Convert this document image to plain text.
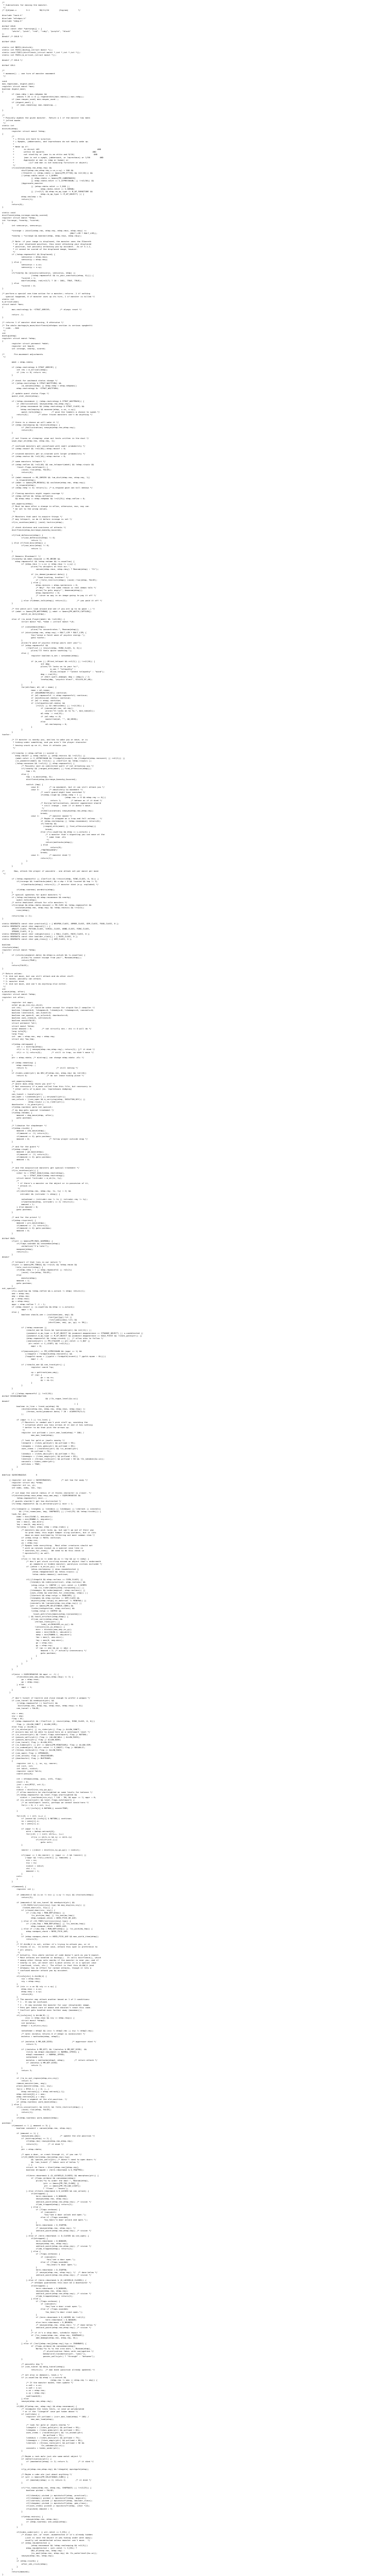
/*
* Subroutines for moving the monster.
*/
/* @(#)mon.c        3.1        90/11/24        (Ingram)        */
#include "hack.h"
#include "mfndpos.h"
#include "edog.h"
#ifdef OVLB
static const char *warnings[] = {
"white", "pink", "red", "ruby", "purple", "black"
};
#endif /* OVLB */
#ifdef OVL0
static int NDECL(disturb);
static int FDECL(dochug,(struct monst *));
static void FDECL(distfleeck,(struct monst *,int *,int *,int *));
static int FDECL(m_arrival,(struct monst *));
#endif /* OVL0 */
#ifdef OVL1
/*
* monmove() -- one turn of monster movement
*/
void
mon_regen(mon, digest_meal)
register struct monst *mon;
boolean digest_meal;
{
if (mon->mhp < mon->mhpmax &&
(moves % 20 == 0 || regenerates(mon->data))) mon->mhp++;
if (mon->mspec_used) mon->mspec_used--;
if (digest_meal) {
if (mon->meating) mon->meating--;
}
}
/*
* Possibly awaken the given monster.  Return a 1 if the monster has been
* jolted awake.
*/
static int
disturb(mtmp)
register struct monst *mtmp;
{
/*
* + Ettins are hard to surprise.
* + Nymphs, jabberwocks, and leprechauns do not easily wake up.
*
* Wake up if:
*        in direct LOS                                                AND
*        within 10 squares                                        AND
*        not stealthy or (mon is an ettin and 9/10)                AND
*        (mon is not a nymph, jabberwock, or leprechaun) or 1/50        AND
*        Aggravate or mon is (dog or human) or
*            (1/7 and mon is not mimicing furniture or object)
*/
if(couldsee(mtmp->mx,mtmp->my) &&
dist2(mtmp->mx,mtmp->my,u.ux,u.uy) < 100 &&
(!Stealth || (mtmp->data == &mons[PM_ETTIN] && rn2(10))) &&
(!(mtmp->data->mlet == S_NYMPH
|| mtmp->data == &mons[PM_JABBERWOCK]
|| mtmp->data->mlet == S_LEPRECHAUN) || !rn2(50)) &&
(Aggravate_monster
|| (mtmp->data->mlet == S_DOG ||
mtmp->data->mlet == S_HUMAN)
|| (!rn2(7) && mtmp->m_ap_type != M_AP_FURNITURE &&
mtmp->m_ap_type != M_AP_OBJECT) )) {
mtmp->msleep = 0;
return(1);
}
return(0);
}
static void
distfleeck(mtmp,inrange,nearby,scared)
register struct monst *mtmp;
int *inrange, *nearby, *scared;
{
int seescaryx, seescaryy;
*inrange = (dist2(mtmp->mx, mtmp->my, mtmp->mux, mtmp->muy) <=
(BOLT_LIM * BOLT_LIM));
*nearby = *inrange && monnear(mtmp, mtmp->mux, mtmp->muy);
/* Note: if your image is displaced, the monster sees the Elbereth
* at your displaced position, thus never attacking your displaced
* position, but possibly attacking you by accident.  As of 3.1.2,
* it cannot be scared of the displaced image, however.
*/
if (!mtmp->mpeaceful && Displaced) {
seescaryx = mtmp->mux;
seescaryy = mtmp->muy;
} else {
seescaryx = u.ux;
seescaryy = u.uy;
}
if(*nearby && (onscary(seescaryx, seescaryy, mtmp) ||
(!mtmp->mpeaceful && in_your_sanctuary(mtmp, 0)))) {
*scared = 1;
monflee(mtmp, rnd(rn2(7) ? 10 : 100), TRUE, TRUE);
} else
*scared = 0;
}
/* perform a special one-time action for a monster; returns -1 if nothing
special happened, 0 if monster uses up its turn, 1 if monster is killed */
static int
m_arrival(mon)
struct monst *mon;
{
mon->mstrategy &= ~STRAT_ARRIVE;        /* always reset */
return -1;
}
/* returns 1 if monster died moving, 0 otherwise */
/* The whole dochugw/m_move/distfleeck/mfndpos section is serious spaghetti
* code. --KAA
*/
int
dochug(mtmp)
register struct monst *mtmp;
{
register struct permonst *mdat;
register int tmp=0;
int inrange, nearby, scared;
/*        Pre-movement adjustments
*/
mdat = mtmp->data;
if (mtmp->mstrategy & STRAT_ARRIVE) {
int res = m_arrival(mtmp);
if (res >= 0) return res;
}
/* check for waitmask status change */
if ((mtmp->mstrategy & STRAT_WAITFORU) &&
(m_canseeu(mtmp) || mtmp->mhp < mtmp->mhpmax))
mtmp->mstrategy &= ~STRAT_WAITFORU;
/* update quest status flags */
quest_stat_check(mtmp);
if (!mtmp->mcanmove || (mtmp->mstrategy & STRAT_WAITMASK)) {
if (Hallucination) newsym(mtmp->mx,mtmp->my);
if (mtmp->mcanmove && (mtmp->mstrategy & STRAT_CLOSE) &&
!mtmp->msleeping && monnear(mtmp, u.ux, u.uy))
quest_talk(mtmp);        /* give the leaders a chance to speak */
return(0);        /* other frozen monsters can't do anything */
}
/* there is a chance we will wake it */
if (mtmp->msleeping && !disturb(mtmp)) {
if (Hallucination) newsym(mtmp->mx,mtmp->my);
return(0);
}
/* not frozen or sleeping: wipe out texts written in the dust */
wipe_engr_at(mtmp->mx, mtmp->my, 1);
/* confused monsters get unconfused with small probability */
if (mtmp->mconf && !rn2(50)) mtmp->mconf = 0;
/* stunned monsters get un-stunned with larger probability */
if (mtmp->mstun && !rn2(10)) mtmp->mstun = 0;
/* some monsters teleport */
if (mtmp->mflee && !rn2(40) && can_teleport(mdat) && !mtmp->iswiz &&
!level.flags.noteleport) {
(void) rloc(mtmp, FALSE);
return(0);
}
if (mdat->msound == MS_SHRIEK && !um_dist(mtmp->mx, mtmp->my, 1))
m_respond(mtmp);
if (mdat == &mons[PM_MEDUSA] && couldsee(mtmp->mx, mtmp->my))
m_respond(mtmp);
if (mtmp->mhp <= 0) return(1); /* m_respond gaze can kill medusa */
/* fleeing monsters might regain courage */
if (mtmp->mflee && !mtmp->mfleetim
&& mtmp->mhp == mtmp->mhpmax && !rn2(25)) mtmp->mflee = 0;
set_apparxy(mtmp);
/* Must be done after a change in mflee, otherwise, mux, muy can
* be set to the wrong values.
*/
/* Monsters that want to acquire things */
/* may teleport, so do it before inrange is set */
if(is_covetous(mdat)) (void) tactics(mtmp);
/* check distance and scariness of attacks */
distfleeck(mtmp,&inrange,&nearby,&scared);
if(find_defensive(mtmp)) {
if(use_defensive(mtmp) != 0)
return 1;
} else if(find_misc(mtmp)) {
if(use_misc(mtmp) != 0)
return 1;
}
/* Demonic Blackmail! */
if(nearby && mdat->msound == MS_BRIBE &&
mtmp->mpeaceful && !mtmp->mtame && !u.uswallow) {
if (mtmp->mux != u.ux || mtmp->muy != u.uy) {
pline("%s whispers at thin air.",
cansee(mtmp->mux, mtmp->muy) ? Monnam(mtmp) : "It");
if (is_demon(youmonst.data)) {
/* "Good hunting, brother" */
if (!tele_restrict(mtmp)) (void) rloc(mtmp, FALSE);
} else {
mtmp->minvis = mtmp->perminvis = 0;
/* Why?  For the same reason in real demon talk */
pline("%s gets angry!", Amonnam(mtmp));
mtmp->mpeaceful = 0;
/* since no way is an image going to pay it off */
}
} else if(demon_talk(mtmp)) return(1);        /* you paid it off */
}
/* the watch will look around and see if you are up to no good :-) */
if (mdat == &mons[PM_WATCHMAN] || mdat == &mons[PM_WATCH_CAPTAIN])
watch_on_duty(mtmp);
else if (is_mind_flayer(mdat) && !rn2(20)) {
struct monst *m2, *nmon = (struct monst *)0;
if (canseemon(mtmp))
pline("%s concentrates.", Monnam(mtmp));
if (distu(mtmp->mx, mtmp->my) > BOLT_LIM * BOLT_LIM) {
You("sense a faint wave of psychic energy.");
goto toofar;
}
pline("A wave of psychic energy pours over you!");
if (mtmp->mpeaceful &&
(!Conflict || resist(mtmp, RING_CLASS, 0, 0)))
pline("It feels quite soothing.");
else {
register boolean m_sen = sensemon(mtmp);
if (m_sen || (Blind_telepat && rn2(2)) || !rn2(10)) {
int dmg;
pline("It locks on to your %s!",
m_sen ? "telepathy" :
Blind_telepat ? "latent telepathy" : "mind");
dmg = rnd(15);
if (Half_spell_damage) dmg = (dmg+1) / 2;
losehp(dmg, "psychic blast", KILLED_BY_AN);
}
}
for(m2=fmon; m2; m2 = nmon) {
nmon = m2->nmon;
if (DEADMONSTER(m2)) continue;
if (m2->mpeaceful == mtmp->mpeaceful) continue;
if (mindless(m2->data)) continue;
if (m2 == mtmp) continue;
if ((telepathic(m2->data) &&
(rn2(2) || m2->mblinded)) || !rn2(10)) {
if (cansee(m2->mx, m2->my))
pline("It locks on to %s.", mon_nam(m2));
m2->mhp -= rnd(15);
if (m2->mhp <= 0)
monkilled(m2, "", AD_DRIN);
else
m2->msleeping = 0;
}
}
}
toofar:
/* If monster is nearby you, and has to wake you or move, or is
* hiding under something, and you aren't the player character
* having snuck up on it, then it attacks you.
*/
if(!nearby || mtmp->mflee || scared ||
mtmp->mconf || mtmp->mstun || (mtmp->minvis && !rn2(3)) ||
(mdat->mlet == S_LEPRECHAUN && !findgold(invent) && (findgold(mtmp->minvent) || rn2(2))) ||
(is_wanderer(mdat) && !rn2(4)) || (Conflict && !mtmp->iswiz) ||
(!mtmp->mcansee && !rn2(4)) || mtmp->mpeaceful) {
/* Possibly cast an undirected spell if not attacking you */
if(!nearby && (ranged_attk(mdat) || find_offensive(mtmp)))
tmp = 0;
else {
tmp = m_move(mtmp, 0);
distfleeck(mtmp,&inrange,&nearby,&scared);
switch (tmp) {
case 0:        /* no movement, but it can still attack you */
case 3:        /* absolutely no movement */
/* vault guard might have vanished */
if(mtmp->isgd && (mtmp->mhp < 1 ||
(mtmp->mx == 0 && mtmp->my == 0)))
return 1;        /* behave as if it died */
/* During hallucination, monster appearance should
* still change - even if it doesn't move.
*/
if(Hallucination) newsym(mtmp->mx,mtmp->my);
break;
case 1:        /* monster moved */
/* Maybe it stepped on a trap and fell asleep... */
if (mtmp->msleeping || !mtmp->mcanmove) return(0);
if(!nearby &&
(ranged_attk(mdat) || find_offensive(mtmp)))
break;
else if(u.uswallow && mtmp == u.ustuck) {
/* a monster that's digesting you can move at the
* same time -dlc
*/
return(mattacku(mtmp));
} else
return(0);
/*NOTREACHED*/
break;
case 2:        /* monster died */
return(1);
}
}
}
/*        Now, attack the player if possible - one attack set per monst per move
*/
if (!mtmp->mpeaceful || (Conflict && !resist(mtmp, RING_CLASS, 0, 0))) {
if(inrange && !noattacks(mdat) && u.uhp > 0 && !scared && tmp != 3)
if(mattacku(mtmp)) return(1); /* monster died (e.g. exploded) */
if(mtmp->wormno) wormhitu(mtmp);
}
/* special speeches for quest monsters */
if (!mtmp->msleeping && mtmp->mcanmove && nearby)
quest_talk(mtmp);
/* extra emotional attack for vile monsters */
if(inrange && mtmp->data->msound == MS_CUSS && !mtmp->mpeaceful &&
couldsee(mtmp->mx, mtmp->my) && !mtmp->minvis && !rn2(5))
cuss(mtmp);
return(tmp == 2);
}
static NEARDATA const char practical[] = { WEAPON_CLASS, ARMOR_CLASS, GEM_CLASS, FOOD_CLASS, 0 };
static NEARDATA const char magical[] = {
AMULET_CLASS, POTION_CLASS, SCROLL_CLASS, WAND_CLASS, RING_CLASS,
SPBOOK_CLASS, 0 };
static NEARDATA const char indigestion[] = { BALL_CLASS, ROCK_CLASS, 0 };
static NEARDATA const char boulder_class[] = { ROCK_CLASS, 0 };
static NEARDATA const char gem_class[] = { GEM_CLASS, 0 };
boolean
itsstuck(mtmp)
register struct monst *mtmp;
{
if (sticks(youmonst.data) && mtmp==u.ustuck && !u.uswallow) {
pline("%s cannot escape from you!", Monnam(mtmp));
return(TRUE);
}
return(FALSE);
}
/* Return values:
* 0: did not move, but can still attack and do other stuff.
* 1: moved, possibly can attack.
* 2: monster died.
* 3: did not move, and can't do anything else either.
*/
int
m_move(mtmp, after)
register struct monst *mtmp;
register int after;
{
register int appr;
xchar gx,gy,nix,niy,chcnt;
int chi;        /* could be schar except for stupid Sun-2 compiler */
boolean likegold=0, likegems=0, likeobjs=0, likemagic=0, conceals=0;
boolean likerock=0, can_tunnel=0;
boolean can_open=0, can_unlock=0, doorbuster=0;
boolean uses_items=0, setlikes=0;
boolean avoid=FALSE;
struct permonst *ptr;
struct monst *mtoo;
schar mmoved = 0;        /* not strictly nec.: chi >= 0 will do */
long info[9];
long flag;
int  omx = mtmp->mx, omy = mtmp->my;
struct obj *mw_tmp;
if(mtmp->mtrapped) {
int i = mintrap(mtmp);
if(i >= 2) { newsym(mtmp->mx,mtmp->my); return(2); }/* it died */
if(i == 1) return(0);        /* still in trap, so didn't move */
}
ptr = mtmp->data; /* mintrap() can change mtmp->data -dlc */
if (mtmp->meating) {
mtmp->meating--;
return 3;                        /* still eating */
}
if (hides_under(ptr) && OBJ_AT(mtmp->mx, mtmp->my) && rn2(10))
return 0;                /* do not leave hiding place */
set_apparxy(mtmp);
/* where does mtmp think you are? */
/* Not necessary if m_move called from this file, but necessary in
* other calls of m_move (ex. leprechauns dodging)
*/
can_tunnel = tunnels(ptr);
can_open = !(nohands(ptr) || verysmall(ptr));
can_unlock = ((can_open && m_carrying(mtmp, SKELETON_KEY)) ||
mtmp->iswiz || is_rider(ptr));
doorbuster = is_giant(ptr);
if(mtmp->wormno) goto not_special;
/* my dog gets special treatment */
if(mtmp->mtame) {
mmoved = dog_move(mtmp, after);
goto postmov;
}
/* likewise for shopkeeper */
if(mtmp->isshk) {
mmoved = shk_move(mtmp);
if(mmoved == -2) return(2);
if(mmoved >= 0) goto postmov;
mmoved = 0;                /* follow player outside shop */
}
/* and for the guard */
if(mtmp->isgd) {
mmoved = gd_move(mtmp);
if(mmoved == -2) return(2);
if(mmoved >= 0) goto postmov;
mmoved = 0;
}
/* and the acquisitive monsters get special treatment */
if(is_covetous(ptr)) {
xchar tx = STRAT_GOALX(mtmp->mstrategy),
ty = STRAT_GOALY(mtmp->mstrategy);
struct monst *intruder = m_at(tx, ty);
/*
* if there's a monster on the object or in possesion of it,
* attack it.
*/
if((dist2(mtmp->mx, mtmp->my, tx, ty) < 2) &&
intruder && (intruder != mtmp)) {
notonhead = (intruder->mx != tx || intruder->my != ty);
if(mattackm(mtmp, intruder) == 2) return(2);
mmoved = 1;
} else mmoved = 0;
goto postmov;
}
/* and for the priest */
if(mtmp->ispriest) {
mmoved = pri_move(mtmp);
if(mmoved == -2) return(2);
if(mmoved >= 0) goto postmov;
mmoved = 0;
}
#ifdef MAIL
if(ptr == &mons[PM_MAIL_DAEMON]) {
if(flags.soundok && canseemon(mtmp))
verbalize("I'm late!");
mongone(mtmp);
return(2);
}
#endif
/* teleport if that lies in our nature */
if(ptr == &mons[PM_TENGU] && !rn2(5) && !mtmp->mcan &&
!tele_restrict(mtmp)) {
if(mtmp->mhp < 7 || mtmp->mpeaceful || rn2(2))
(void) rloc(mtmp, FALSE);
else
mnexto(mtmp);
mmoved = 1;
goto postmov;
}
not_special:
if(u.uswallow && !mtmp->mflee && u.ustuck != mtmp) return(1);
omx = mtmp->mx;
omy = mtmp->my;
gx = mtmp->mux;
gy = mtmp->muy;
appr = mtmp->mflee ? -1 : 1;
if (mtmp->mconf || (u.uswallow && mtmp == u.ustuck))
appr = 0;
else {
boolean should_see = (couldsee(omx, omy) &&
(levl[gx][gy].lit ||
!levl[omx][omy].lit) &&
(dist2(omx, omy, gx, gy) <= 36));
if (!mtmp->mcansee ||
(should_see && Invis && !perceives(ptr) && rn2(11)) ||
(youmonst.m_ap_type == M_AP_OBJECT && youmonst.mappearance == STRANGE_OBJECT) || u.uundetected ||
(youmonst.m_ap_type == M_AP_OBJECT && youmonst.mappearance == GOLD_PIECE && !likes_gold(ptr)) ||
(mtmp->mpeaceful && !mtmp->isshk) ||  /* allow shks to follow */
((monsndx(ptr) == PM_STALKER || ptr->mlet == S_BAT ||
ptr->mlet == S_LIGHT) && !rn2(3)))
appr = 0;
if(monsndx(ptr) == PM_LEPRECHAUN && (appr == 1) &&
((lepgold = findgold(mtmp->minvent)) &&
(lepgold->quan > ((ygold = findgold(invent)) ? ygold->quan : 0L))))
appr = -1;
if (!should_see && can_track(ptr)) {
register coord *cp;
cp = gettrack(omx,omy);
if (cp) {
gx = cp->x;
gy = cp->y;
}
}
}
if ((!mtmp->mpeaceful || !rn2(10))
#ifdef REINCARNATION
&& (!Is_rogue_level(&u.uz))
#endif
) {
boolean in_line = lined_up(mtmp) &&
(distmin(mtmp->mx, mtmp->my, mtmp->mux, mtmp->muy) <=
(throws_rocks(youmonst.data) ? 20 : ACURRSTR/2+1)
);
if (appr != 1 || !in_line) {
/* Monsters in combat won't pick stuff up, avoiding the
* situation where you toss arrows at it and it has nothing
* better to do than pick the arrows up.
*/
register int pctload = (curr_mon_load(mtmp) * 100) /
max_mon_load(mtmp);
/* look for gold or jewels nearby */
likegold = (likes_gold(ptr) && pctload < 95);
likegems = (likes_gems(ptr) && pctload < 85);
uses_items = (!mindless(ptr) && !is_animal(ptr)
&& pctload < 75);
likeobjs = (likes_objs(ptr) && pctload < 75);
likemagic = (likes_magic(ptr) && pctload < 85);
likerock = (throws_rocks(ptr) && pctload < 50 && !In_sokoban(&u.uz));
conceals = hides_under(ptr);
setlikes = TRUE;
}
}
#define SQSRCHRADIUS        5
{ register int minr = SQSRCHRADIUS;        /* not too far away */
register struct obj *otmp;
register int xx, yy;
int oomx, oomy, lmx, lmy;
/* cut down the search radius if it thinks character is closer. */
if(distmin(mtmp->mux,mtmp->muy,omx,omy) < SQSRCHRADIUS &&
!mtmp->mpeaceful) minr--;
/* guards shouldn't get too distracted */
if(!mtmp->mpeaceful && is_mercenary(ptr)) minr = 1;
if((likegold || likegems || likeobjs || likemagic || likerock || conceals)
&& (!*in_rooms(omx, omy, SHOPBASE) || (!rn2(25) && !mtmp->isshk))) {
look_for_obj:
oomx = min(COLNO-1, omx+minr);
oomy = min(ROWNO-1, omy+minr);
lmx = max(1, omx-minr);
lmy = max(0, omy-minr);
for(otmp = fobj; otmp; otmp = otmp->nobj) {
/* monsters may pick rocks up, but won't go out of their way
to grab them; this might hamper sling wielders, but it cuts
down on move overhead by filtering out most common item */
if (otmp->otyp == ROCK) continue;
xx = otmp->ox;
yy = otmp->oy;
/* Nymphs take everything.  Most other creatures should not
* pick up corpses except as a special case like in
* searches_for_item().  We need to do this check in
* mpickstuff() as well.
*/
if(xx >= lmx && xx <= oomx && yy >= lmy && yy <= oomy) {
/* don't get stuck circling around an object that's underneath
an immobile or hidden monster; paralysis victims excluded */
if ((mtoo = m_at(xx,yy)) != 0 &&
(mtoo->msleeping || mtoo->mundetected ||
(mtoo->mappearance && !mtoo->iswiz) ||
!mtoo->data->mmove)) continue;
if(((likegold && otmp->oclass == COIN_CLASS) ||
(likeobjs && index(practical, otmp->oclass) &&
(otmp->otyp != CORPSE || (ptr->mlet == S_NYMPH
&& !is_rider(&mons[otmp->corpsenm])))) ||
(likemagic && index(magical, otmp->oclass)) ||
(uses_items && searches_for_item(mtmp, otmp)) ||
(likerock && otmp->otyp == BOULDER) ||
(likegems && otmp->oclass == GEM_CLASS &&
objects[otmp->otyp].oc_material != MINERAL) ||
(conceals && !cansee(otmp->ox,otmp->oy)) ||
(ptr == &mons[PM_GELATINOUS_CUBE] &&
!index(indigestion, otmp->oclass) &&
!(otmp->otyp == CORPSE &&
touch_petrifies(&mons[otmp->corpsenm])))
) && touch_artifact(otmp,mtmp)) {
if(can_carry(mtmp,otmp) &&
(throws_rocks(ptr) ||
!sobj_at(BOULDER,xx,yy)) &&
!(onscary(xx,yy,mtmp))) {
minr = distmin(omx,omy,xx,yy);
oomx = min(COLNO-1, omx+minr);
oomy = min(ROWNO-1, omy+minr);
lmx = max(1, omx-minr);
lmy = max(0, omy-minr);
gx = otmp->ox;
gy = otmp->oy;
if (gx == omx && gy == omy) {
mmoved = 3; /* actually unnecessary */
goto postmov;
}
}
}
}
}
}
if(minr < SQSRCHRADIUS && appr == -1) {
if(distmin(omx,omy,mtmp->mux,mtmp->muy) <= 3) {
gx = mtmp->mux;
gy = mtmp->muy;
} else
appr = 1;
}
}
/* don't tunnel if hostile and close enough to prefer a weapon */
if (can_tunnel && needspick(ptr) &&
((!mtmp->mpeaceful || Conflict) &&
dist2(mtmp->mx, mtmp->my, mtmp->mux, mtmp->muy) <= 8))
can_tunnel = FALSE;
nix = omx;
niy = omy;
flag = 0L;
if (mtmp->mpeaceful && (!Conflict || resist(mtmp, RING_CLASS, 0, 0)))
flag |= (ALLOW_SANCT | ALLOW_SSM);
else flag |= ALLOW_U;
if (is_minion(ptr) || is_rider(ptr)) flag |= ALLOW_SANCT;
/* unicorn may not be able to avoid hero on a noteleport level */
if (is_unicorn(ptr) && !level.flags.noteleport) flag |= NOTONL;
if (passes_walls(ptr)) flag |= (ALLOW_WALL | ALLOW_ROCK);
if (passes_bars(ptr)) flag |= ALLOW_BARS;
if (can_tunnel) flag |= ALLOW_DIG;
if (is_human(ptr) || ptr == &mons[PM_MINOTAUR]) flag |= ALLOW_SSM;
if (is_undead(ptr) && ptr->mlet != S_GHOST) flag |= NOGARLIC;
if (throws_rocks(ptr)) flag |= ALLOW_ROCK;
if (can_open) flag |= OPENDOOR;
if (can_unlock) flag |= UNLOCKDOOR;
if (doorbuster) flag |= BUSTDOOR;
{
register int i, j, nx, ny, nearer;
int jcnt, cnt;
int ndist, nidist;
register coord *mtrk;
coord poss[9];
cnt = mfndpos(mtmp, poss, info, flag);
chcnt = 0;
jcnt = min(MTSZ, cnt-1);
chi = -1;
nidist = dist2(nix,niy,gx,gy);
/* allow monsters be shortsighted on some levels for balance */
if(!mtmp->mpeaceful && level.flags.shortsighted &&
nidist > (couldsee(nix,niy) ? 144 : 36) && appr == 1) appr = 0;
if (is_unicorn(ptr) && level.flags.noteleport) {
/* on noteleport levels, perhaps we cannot avoid hero */
for(i = 0; i < cnt; i++)
if(!(info[i] & NOTONL)) avoid=TRUE;
}
for(i=0; i < cnt; i++) {
if (avoid && (info[i] & NOTONL)) continue;
nx = poss[i].x;
ny = poss[i].y;
if (appr != 0) {
mtrk = &mtmp->mtrack[0];
for(j=0; j < jcnt; mtrk++, j++)
if(nx == mtrk->x && ny == mtrk->y)
if(rn2(4*(cnt-j)))
goto nxti;
}
nearer = ((ndist = dist2(nx,ny,gx,gy)) < nidist);
if((appr == 1 && nearer) || (appr == -1 && !nearer) ||
(!appr && !rn2(++chcnt)) || !mmoved) {
nix = nx;
niy = ny;
nidist = ndist;
chi = i;
mmoved = 1;
}
nxti:        ;
}
}
if(mmoved) {
register int j;
if (mmoved==1 && (u.ux != nix || u.uy != niy) && itsstuck(mtmp))
return(3);
if (mmoved==1 && can_tunnel && needspick(ptr) &&
((IS_ROCK(levl[nix][niy].typ) && may_dig(nix,niy)) ||
closed_door(nix, niy))) {
if (closed_door(nix, niy)) {
if (!(mw_tmp = MON_WEP(mtmp)) ||
!is_pick(mw_tmp) || !is_axe(mw_tmp))
mtmp->weapon_check = NEED_PICK_OR_AXE;
} else if (IS_TREE(levl[nix][niy].typ)) {
if (!(mw_tmp = MON_WEP(mtmp)) || !is_axe(mw_tmp))
mtmp->weapon_check = NEED_AXE;
} else if (!(mw_tmp = MON_WEP(mtmp)) || !is_pick(mw_tmp)) {
mtmp->weapon_check = NEED_PICK_AXE;
}
if (mtmp->weapon_check >= NEED_PICK_AXE && mon_wield_item(mtmp))
return(3);
}
/* If ALLOW_U is set, either it's trying to attack you, or it
* thinks it is.  In either case, attack this spot in preference to
* all others.
*/
/* Actually, this whole section of code doesn't work as you'd expect.
* Most attacks are handled in dochug().  It calls distfleeck(), which
* among other things sets nearby if the monster is near you--and if
* nearby is set, we never call m_move unless it is a special case
* (confused, stuck, etc.)  The effect is that this ALLOW_U (and
* mfndpos) has no effect for normal attacks, though it lets a
* confused monster attack you by accident.
*/
if(info[chi] & ALLOW_U) {
nix = mtmp->mux;
niy = mtmp->muy;
}
if (nix == u.ux && niy == u.uy) {
mtmp->mux = u.ux;
mtmp->muy = u.uy;
return(0);
}
/* The monster may attack another based on 1 of 2 conditions:
* 1 - It may be confused.
* 2 - It may mistake the monster for your (displaced) image.
* Pets get taken care of above and shouldn't reach this code.
* Conflict gets handled even farther away (movemon()).
*/
if((info[chi] & ALLOW_M) ||
(nix == mtmp->mux && niy == mtmp->muy)) {
struct monst *mtmp2;
int mstatus;
mtmp2 = m_at(nix,niy);
notonhead = mtmp2 && (nix != mtmp2->mx || niy != mtmp2->my);
/* note: mstatus returns 0 if mtmp2 is nonexistent */
mstatus = mattackm(mtmp, mtmp2);
if (mstatus & MM_AGR_DIED)                /* aggressor died */
return 2;
if ((mstatus & MM_HIT) && !(mstatus & MM_DEF_DIED)  &&
rn2(4) && mtmp2->movement >= NORMAL_SPEED) {
mtmp2->movement -= NORMAL_SPEED;
notonhead = 0;
mstatus = mattackm(mtmp2, mtmp);        /* return attack */
if (mstatus & MM_DEF_DIED)
return 2;
}
return 3;
}
if (!m_in_out_region(mtmp,nix,niy))
return 3;
remove_monster(omx, omy);
place_monster(mtmp, nix, niy);
for(j = MTSZ-1; j > 0; j--)
mtmp->mtrack[j] = mtmp->mtrack[j-1];
mtmp->mtrack[0].x = omx;
mtmp->mtrack[0].y = omy;
/* Place a segment at the old position. */
if (mtmp->wormno) worm_move(mtmp);
} else {
if(is_unicorn(ptr) && rn2(2) && !tele_restrict(mtmp)) {
(void) rloc(mtmp, FALSE);
return(1);
}
if(mtmp->wormno) worm_nomove(mtmp);
}
postmov:
if(mmoved == 1 || mmoved == 3) {
boolean canseeit = cansee(mtmp->mx, mtmp->my);
if (mmoved == 1) {
newsym(omx,omy);                /* update the old position */
if (mintrap(mtmp) >= 2) {
if(mtmp->mx) newsym(mtmp->mx,mtmp->my);
return(2);        /* it died */
}
ptr = mtmp->data;
/* open a door, or crash through it, if you can */
if(IS_DOOR(levl[mtmp->mx][mtmp->my].typ)
&& !passes_walls(ptr) /* doesn't need to open doors */
&& !can_tunnel /* taken care of below */
) {
struct rm *here = &levl[mtmp->mx][mtmp->my];
boolean btrapped = (here->doormask & D_TRAPPED);
if(here->doormask & (D_LOCKED|D_CLOSED) && amorphous(ptr)) {
if (flags.verbose && canseemon(mtmp))
pline("%s %s under the door.", Monnam(mtmp),
(ptr == &mons[PM_FOG_CLOUD] ||
ptr == &mons[PM_YELLOW_LIGHT])
? "flows" : "oozes");
} else if(here->doormask & D_LOCKED && can_unlock) {
if(btrapped) {
here->doormask = D_NODOOR;
newsym(mtmp->mx, mtmp->my);
unblock_point(mtmp->mx,mtmp->my); /* vision */
if(mb_trapped(mtmp)) return(2);
} else {
if (flags.verbose) {
if (canseeit)
You("see a door unlock and open.");
else if (flags.soundok)
You_hear("a door unlock and open.");
}
here->doormask = D_ISOPEN;
/* newsym(mtmp->mx, mtmp->my); */
unblock_point(mtmp->mx,mtmp->my); /* vision */
}
} else if (here->doormask == D_CLOSED && can_open) {
if(btrapped) {
here->doormask = D_NODOOR;
newsym(mtmp->mx, mtmp->my);
unblock_point(mtmp->mx,mtmp->my); /* vision */
if(mb_trapped(mtmp)) return(2);
} else {
if (flags.verbose) {
if (canseeit)
You("see a door open.");
else if (flags.soundok)
You_hear("a door open.");
}
here->doormask = D_ISOPEN;
/* newsym(mtmp->mx, mtmp->my); */  /* done below */
unblock_point(mtmp->mx,mtmp->my); /* vision */
}
} else if (here->doormask & (D_LOCKED|D_CLOSED)) {
/* mfndpos guarantees this must be a doorbuster */
if(btrapped) {
here->doormask = D_NODOOR;
newsym(mtmp->mx, mtmp->my);
unblock_point(mtmp->mx,mtmp->my); /* vision */
if(mb_trapped(mtmp)) return(2);
} else {
if (flags.verbose) {
if (canseeit)
You("see a door crash open.");
else if (flags.soundok)
You_hear("a door crash open.");
}
if (here->doormask & D_LOCKED && !rn2(2))
here->doormask = D_NODOOR;
else here->doormask = D_BROKEN;
/* newsym(mtmp->mx, mtmp->my); */ /* done below */
unblock_point(mtmp->mx,mtmp->my); /* vision */
}
/* if it's a shop door, schedule repair */
if (*in_rooms(mtmp->mx, mtmp->my, SHOPBASE))
add_damage(mtmp->mx, mtmp->my, 0L);
}
} else if (levl[mtmp->mx][mtmp->my].typ == IRONBARS) {
if (flags.verbose && canseemon(mtmp))
Norep("%s %s %s the iron bars.", Monnam(mtmp),
/* pluralization fakes verb conjugation */
makeplural(locomotion(ptr, "pass")),
passes_walls(ptr) ? "through" : "between");
}
/* possibly dig */
if (can_tunnel && mdig_tunnel(mtmp))
return(2);  /* mon died (position already updated) */
/* set also in domove(), hack.c */
if (u.uswallow && mtmp == u.ustuck &&
(mtmp->mx != omx || mtmp->my != omy)) {
/* If the monster moved, then update */
u.ux0 = u.ux;
u.uy0 = u.uy;
u.ux = mtmp->mx;
u.uy = mtmp->my;
swallowed(0);
} else
newsym(mtmp->mx,mtmp->my);
}
if(OBJ_AT(mtmp->mx, mtmp->my) && mtmp->mcanmove) {
/* recompute the likes tests, in case we polymorphed
* or if the "likegold" case got taken above */
if (setlikes) {
register int pctload = (curr_mon_load(mtmp) * 100) /
max_mon_load(mtmp);
/* look for gold or jewels nearby */
likegold = (likes_gold(ptr) && pctload < 95);
likegems = (likes_gems(ptr) && pctload < 85);
uses_items = (!mindless(ptr) && !is_animal(ptr)
&& pctload < 75);
likeobjs = (likes_objs(ptr) && pctload < 75);
likemagic = (likes_magic(ptr) && pctload < 85);
likerock = (throws_rocks(ptr) && pctload < 50 &&
!In_sokoban(&u.uz));
conceals = hides_under(ptr);
}
/* Maybe a rock mole just ate some metal object */
if (metallivorous(ptr)) {
if (meatmetal(mtmp) == 2) return 2;        /* it died */
}
if(g_at(mtmp->mx,mtmp->my) && likegold) mpickgold(mtmp);
/* Maybe a cube ate just about anything */
if (ptr == &mons[PM_GELATINOUS_CUBE]) {
if (meatobj(mtmp) == 2) return 2;        /* it died */
}
if(!*in_rooms(mtmp->mx, mtmp->my, SHOPBASE) || !rn2(25)) {
boolean picked = FALSE;
if(likeobjs) picked |= mpickstuff(mtmp, practical);
if(likemagic) picked |= mpickstuff(mtmp, magical);
if(likerock) picked |= mpickstuff(mtmp, boulder_class);
if(likegems) picked |= mpickstuff(mtmp, gem_class);
if(uses_items) picked |= mpickstuff(mtmp, (char *)0);
if(picked) mmoved = 3;
}
if(mtmp->minvis) {
newsym(mtmp->mx, mtmp->my);
if (mtmp->wormno) see_wsegs(mtmp);
}
}
if(hides_under(ptr) || ptr->mlet == S_EEL) {
/* Always set--or reset--mundetected if it's already hidden
(just in case the object it was hiding under went away);
usually set mundetected unless monster can't move.  */
if (mtmp->mundetected ||
(mtmp->mcanmove && !mtmp->msleeping && rn2(5)))
mtmp->mundetected = (ptr->mlet != S_EEL) ?
OBJ_AT(mtmp->mx, mtmp->my) :
(is_pool(mtmp->mx, mtmp->my) && !Is_waterlevel(&u.uz));
newsym(mtmp->mx, mtmp->my);
}
if (mtmp->isshk) {
after_shk_click(mtmp);
}
}
return(mmoved);
}
